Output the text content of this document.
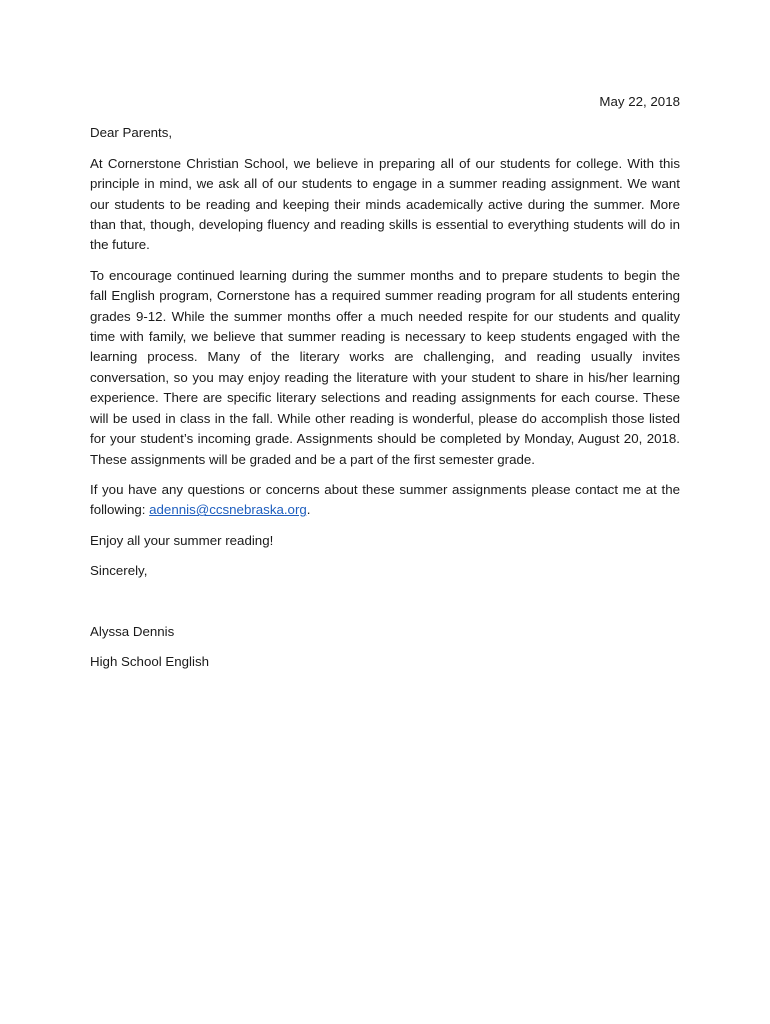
May 22, 2018

Dear Parents,

At Cornerstone Christian School, we believe in preparing all of our students for college. With this principle in mind, we ask all of our students to engage in a summer reading assignment. We want our students to be reading and keeping their minds academically active during the summer. More than that, though, developing fluency and reading skills is essential to everything students will do in the future.

To encourage continued learning during the summer months and to prepare students to begin the fall English program, Cornerstone has a required summer reading program for all students entering grades 9-12. While the summer months offer a much needed respite for our students and quality time with family, we believe that summer reading is necessary to keep students engaged with the learning process. Many of the literary works are challenging, and reading usually invites conversation, so you may enjoy reading the literature with your student to share in his/her learning experience. There are specific literary selections and reading assignments for each course. These will be used in class in the fall. While other reading is wonderful, please do accomplish those listed for your student’s incoming grade. Assignments should be completed by Monday, August 20, 2018. These assignments will be graded and be a part of the first semester grade.

If you have any questions or concerns about these summer assignments please contact me at the following: adennis@ccsnebraska.org.

Enjoy all your summer reading!

Sincerely,

Alyssa Dennis

High School English
